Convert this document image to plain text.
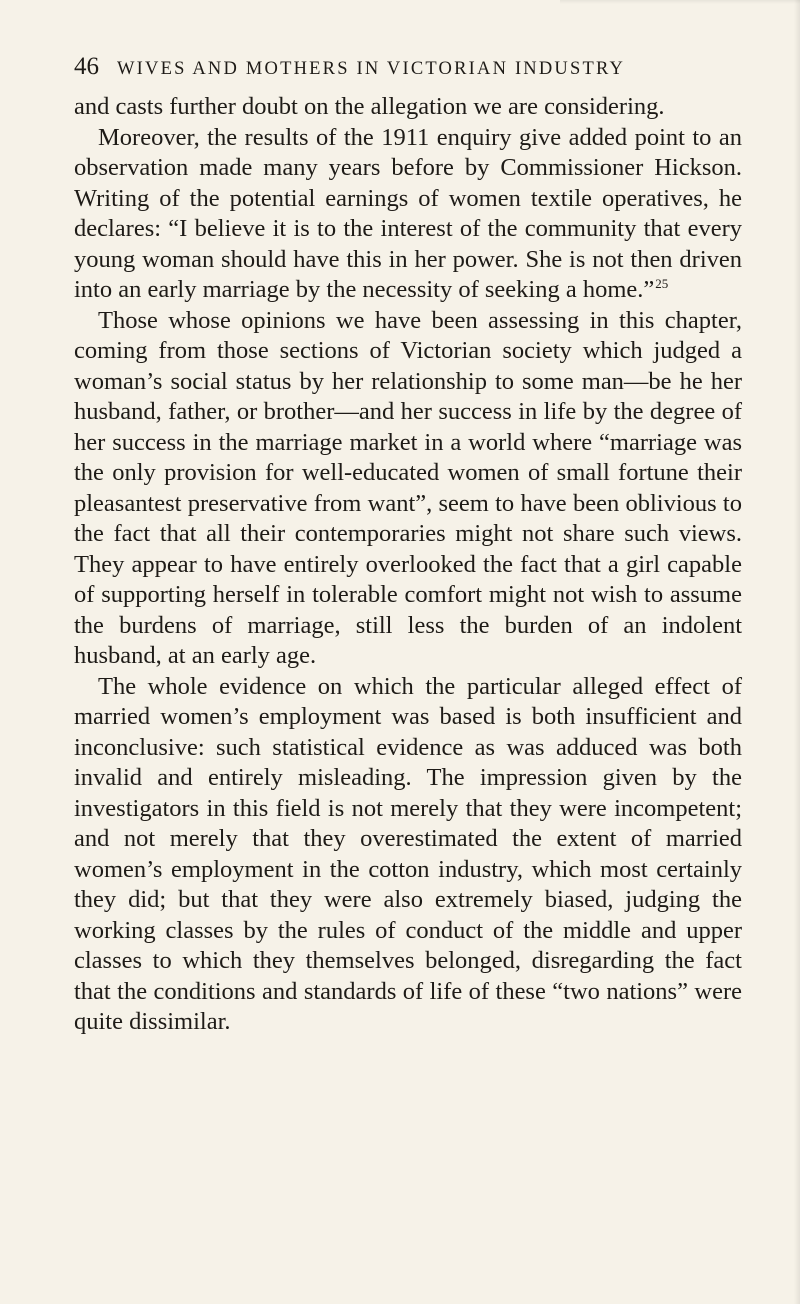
46 WIVES AND MOTHERS IN VICTORIAN INDUSTRY

and casts further doubt on the allegation we are considering.

Moreover, the results of the 1911 enquiry give added point to an observation made many years before by Commissioner Hickson. Writing of the potential earnings of women textile operatives, he declares: “I believe it is to the interest of the community that every young woman should have this in her power. She is not then driven into an early marriage by the necessity of seeking a home.”$^{25}$

Those whose opinions we have been assessing in this chapter, coming from those sections of Victorian society which judged a woman’s social status by her relationship to some man—be he her husband, father, or brother—and her success in life by the degree of her success in the marriage market in a world where “marriage was the only provision for well-educated women of small fortune their pleasantest preservative from want”, seem to have been oblivious to the fact that all their contemporaries might not share such views. They appear to have entirely overlooked the fact that a girl capable of supporting herself in tolerable comfort might not wish to assume the burdens of marriage, still less the burden of an indolent husband, at an early age.

The whole evidence on which the particular alleged effect of married women’s employment was based is both insufficient and inconclusive: such statistical evidence as was adduced was both invalid and entirely misleading. The impression given by the investigators in this field is not merely that they were incompetent; and not merely that they overestimated the extent of married women’s employment in the cotton industry, which most certainly they did; but that they were also extremely biased, judging the working classes by the rules of conduct of the middle and upper classes to which they themselves belonged, disregarding the fact that the conditions and standards of life of these “two nations” were quite dissimilar.
